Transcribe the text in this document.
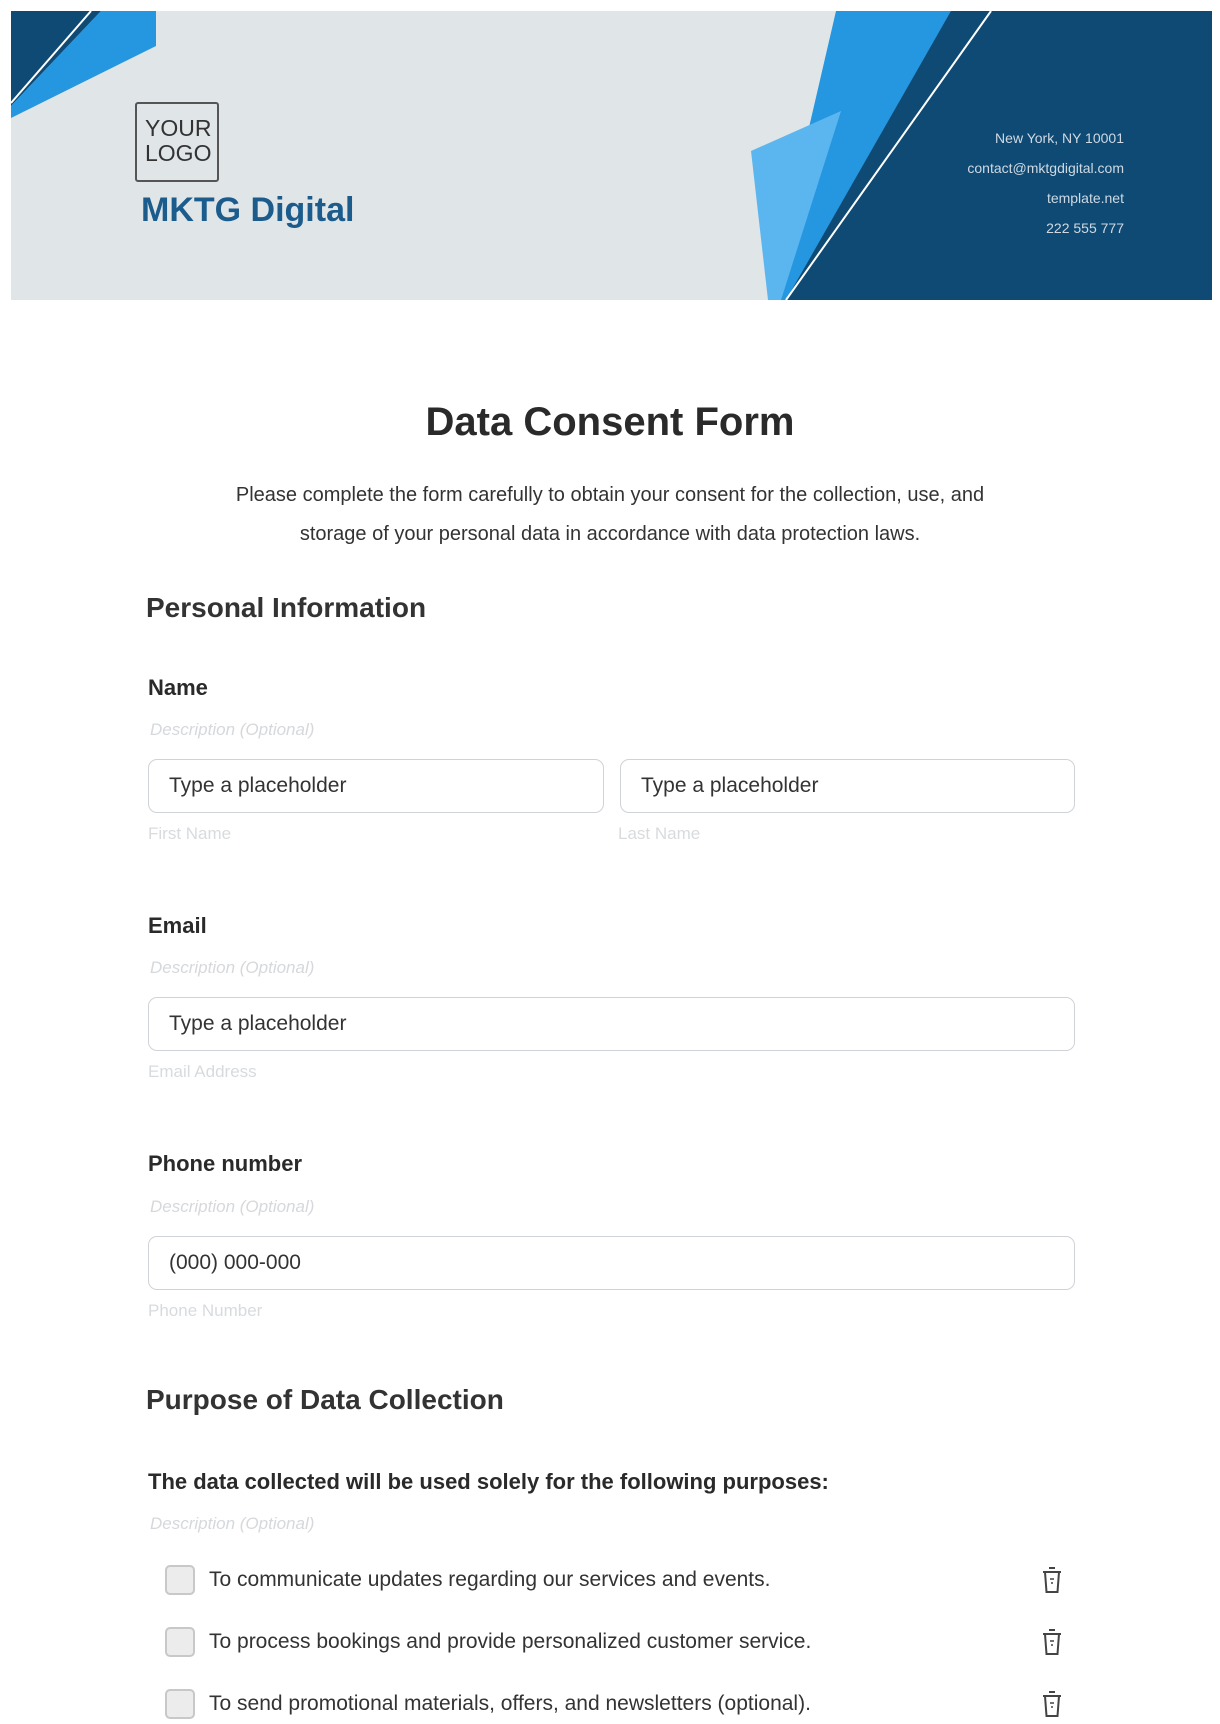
YOUR LOGO
MKTG Digital
New York, NY 10001
contact@mktgdigital.com
template.net
222 555 777
Data Consent Form
Please complete the form carefully to obtain your consent for the collection, use, and
storage of your personal data in accordance with data protection laws.
Personal Information
Name
Description (Optional)
Type a placeholder	Type a placeholder
First Name	Last Name
Email
Description (Optional)
Type a placeholder
Email Address
Phone number
Description (Optional)
(000) 000-000
Phone Number
Purpose of Data Collection
The data collected will be used solely for the following purposes:
Description (Optional)
To communicate updates regarding our services and events.
To process bookings and provide personalized customer service.
To send promotional materials, offers, and newsletters (optional).
